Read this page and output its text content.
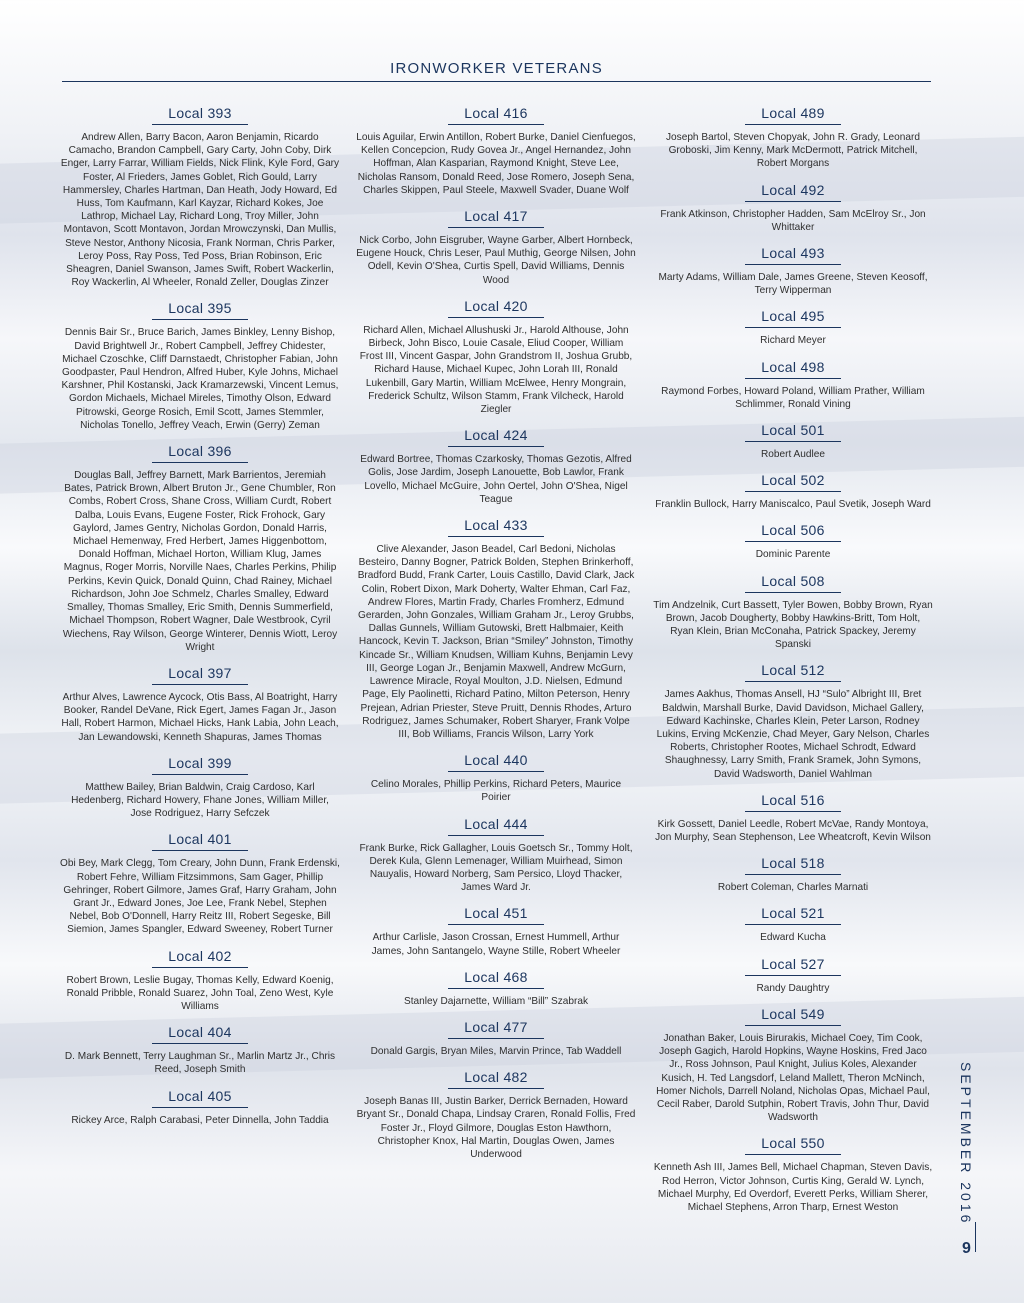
IRONWORKER VETERANS
Local 393
Andrew Allen, Barry Bacon, Aaron Benjamin, Ricardo Camacho, Brandon Campbell, Gary Carty, John Coby, Dirk Enger, Larry Farrar, William Fields, Nick Flink, Kyle Ford, Gary Foster, Al Frieders, James Goblet, Rich Gould, Larry Hammersley, Charles Hartman, Dan Heath, Jody Howard, Ed Huss, Tom Kaufmann, Karl Kayzar, Richard Kokes, Joe Lathrop, Michael Lay, Richard Long, Troy Miller, John Montavon, Scott Montavon, Jordan Mrowczynski, Dan Mullis, Steve Nestor, Anthony Nicosia, Frank Norman, Chris Parker, Leroy Poss, Ray Poss, Ted Poss, Brian Robinson, Eric Sheagren, Daniel Swanson, James Swift, Robert Wackerlin, Roy Wackerlin, Al Wheeler, Ronald Zeller, Douglas Zinzer
Local 395
Dennis Bair Sr., Bruce Barich, James Binkley, Lenny Bishop, David Brightwell Jr., Robert Campbell, Jeffrey Chidester, Michael Czoschke, Cliff Darnstaedt, Christopher Fabian, John Goodpaster, Paul Hendron, Alfred Huber, Kyle Johns, Michael Karshner, Phil Kostanski, Jack Kramarzewski, Vincent Lemus, Gordon Michaels, Michael Mireles, Timothy Olson, Edward Pitrowski, George Rosich, Emil Scott, James Stemmler, Nicholas Tonello, Jeffrey Veach, Erwin (Gerry) Zeman
Local 396
Douglas Ball, Jeffrey Barnett, Mark Barrientos, Jeremiah Bates, Patrick Brown, Albert Bruton Jr., Gene Chumbler, Ron Combs, Robert Cross, Shane Cross, William Curdt, Robert Dalba, Louis Evans, Eugene Foster, Rick Frohock, Gary Gaylord, James Gentry, Nicholas Gordon, Donald Harris, Michael Hemenway, Fred Herbert, James Higgenbottom, Donald Hoffman, Michael Horton, William Klug, James Magnus, Roger Morris, Norville Naes, Charles Perkins, Philip Perkins, Kevin Quick, Donald Quinn, Chad Rainey, Michael Richardson, John Joe Schmelz, Charles Smalley, Edward Smalley, Thomas Smalley, Eric Smith, Dennis Summerfield, Michael Thompson, Robert Wagner, Dale Westbrook, Cyril Wiechens, Ray Wilson, George Winterer, Dennis Wiott, Leroy Wright
Local 397
Arthur Alves, Lawrence Aycock, Otis Bass, Al Boatright, Harry Booker, Randel DeVane, Rick Egert, James Fagan Jr., Jason Hall, Robert Harmon, Michael Hicks, Hank Labia, John Leach, Jan Lewandowski, Kenneth Shapuras, James Thomas
Local 399
Matthew Bailey, Brian Baldwin, Craig Cardoso, Karl Hedenberg, Richard Howery, Fhane Jones, William Miller, Jose Rodriguez, Harry Sefczek
Local 401
Obi Bey, Mark Clegg, Tom Creary, John Dunn, Frank Erdenski, Robert Fehre, William Fitzsimmons, Sam Gager, Phillip Gehringer, Robert Gilmore, James Graf, Harry Graham, John Grant Jr., Edward Jones, Joe Lee, Frank Nebel, Stephen Nebel, Bob O'Donnell, Harry Reitz III, Robert Segeske, Bill Siemion, James Spangler, Edward Sweeney, Robert Turner
Local 402
Robert Brown, Leslie Bugay, Thomas Kelly, Edward Koenig, Ronald Pribble, Ronald Suarez, John Toal, Zeno West, Kyle Williams
Local 404
D. Mark Bennett, Terry Laughman Sr., Marlin Martz Jr., Chris Reed, Joseph Smith
Local 405
Rickey Arce, Ralph Carabasi, Peter Dinnella, John Taddia
Local 416
Louis Aguilar, Erwin Antillon, Robert Burke, Daniel Cienfuegos, Kellen Concepcion, Rudy Govea Jr., Angel Hernandez, John Hoffman, Alan Kasparian, Raymond Knight, Steve Lee, Nicholas Ransom, Donald Reed, Jose Romero, Joseph Sena, Charles Skippen, Paul Steele, Maxwell Svader, Duane Wolf
Local 417
Nick Corbo, John Eisgruber, Wayne Garber, Albert Hornbeck, Eugene Houck, Chris Leser, Paul Muthig, George Nilsen, John Odell, Kevin O'Shea, Curtis Spell, David Williams, Dennis Wood
Local 420
Richard Allen, Michael Allushuski Jr., Harold Althouse, John Birbeck, John Bisco, Louie Casale, Eliud Cooper, William Frost III, Vincent Gaspar, John Grandstrom II, Joshua Grubb, Richard Hause, Michael Kupec, John Lorah III, Ronald Lukenbill, Gary Martin, William McElwee, Henry Mongrain, Frederick Schultz, Wilson Stamm, Frank Vilcheck, Harold Ziegler
Local 424
Edward Bortree, Thomas Czarkosky, Thomas Gezotis, Alfred Golis, Jose Jardim, Joseph Lanouette, Bob Lawlor, Frank Lovello, Michael McGuire, John Oertel, John O'Shea, Nigel Teague
Local 433
Clive Alexander, Jason Beadel, Carl Bedoni, Nicholas Besteiro, Danny Bogner, Patrick Bolden, Stephen Brinkerhoff, Bradford Budd, Frank Carter, Louis Castillo, David Clark, Jack Colin, Robert Dixon, Mark Doherty, Walter Ehman, Carl Faz, Andrew Flores, Martin Frady, Charles Fromherz, Edmund Gerarden, John Gonzales, William Graham Jr., Leroy Grubbs, Dallas Gunnels, William Gutowski, Brett Halbmaier, Keith Hancock, Kevin T. Jackson, Brian “Smiley” Johnston, Timothy Kincade Sr., William Knudsen, William Kuhns, Benjamin Levy III, George Logan Jr., Benjamin Maxwell, Andrew McGurn, Lawrence Miracle, Royal Moulton, J.D. Nielsen, Edmund Page, Ely Paolinetti, Richard Patino, Milton Peterson, Henry Prejean, Adrian Priester, Steve Pruitt, Dennis Rhodes, Arturo Rodriguez, James Schumaker, Robert Sharyer, Frank Volpe III, Bob Williams, Francis Wilson, Larry York
Local 440
Celino Morales, Phillip Perkins, Richard Peters, Maurice Poirier
Local 444
Frank Burke, Rick Gallagher, Louis Goetsch Sr., Tommy Holt, Derek Kula, Glenn Lemenager, William Muirhead, Simon Nauyalis, Howard Norberg, Sam Persico, Lloyd Thacker, James Ward Jr.
Local 451
Arthur Carlisle, Jason Crossan, Ernest Hummell, Arthur James, John Santangelo, Wayne Stille, Robert Wheeler
Local 468
Stanley Dajarnette, William “Bill” Szabrak
Local 477
Donald Gargis, Bryan Miles, Marvin Prince, Tab Waddell
Local 482
Joseph Banas III, Justin Barker, Derrick Bernaden, Howard Bryant Sr., Donald Chapa, Lindsay Craren, Ronald Follis, Fred Foster Jr., Floyd Gilmore, Douglas Eston Hawthorn, Christopher Knox, Hal Martin, Douglas Owen, James Underwood
Local 489
Joseph Bartol, Steven Chopyak, John R. Grady, Leonard Groboski, Jim Kenny, Mark McDermott, Patrick Mitchell, Robert Morgans
Local 492
Frank Atkinson, Christopher Hadden, Sam McElroy Sr., Jon Whittaker
Local 493
Marty Adams, William Dale, James Greene, Steven Keosoff, Terry Wipperman
Local 495
Richard Meyer
Local 498
Raymond Forbes, Howard Poland, William Prather, William Schlimmer, Ronald Vining
Local 501
Robert Audlee
Local 502
Franklin Bullock, Harry Maniscalco, Paul Svetik, Joseph Ward
Local 506
Dominic Parente
Local 508
Tim Andzelnik, Curt Bassett, Tyler Bowen, Bobby Brown, Ryan Brown, Jacob Dougherty, Bobby Hawkins-Britt, Tom Holt, Ryan Klein, Brian McConaha, Patrick Spackey, Jeremy Spanski
Local 512
James Aakhus, Thomas Ansell, HJ “Sulo” Albright III, Bret Baldwin, Marshall Burke, David Davidson, Michael Gallery, Edward Kachinske, Charles Klein, Peter Larson, Rodney Lukins, Erving McKenzie, Chad Meyer, Gary Nelson, Charles Roberts, Christopher Rootes, Michael Schrodt, Edward Shaughnessy, Larry Smith, Frank Sramek, John Symons, David Wadsworth, Daniel Wahlman
Local 516
Kirk Gossett, Daniel Leedle, Robert McVae, Randy Montoya, Jon Murphy, Sean Stephenson, Lee Wheatcroft, Kevin Wilson
Local 518
Robert Coleman, Charles Marnati
Local 521
Edward Kucha
Local 527
Randy Daughtry
Local 549
Jonathan Baker, Louis Birurakis, Michael Coey, Tim Cook, Joseph Gagich, Harold Hopkins, Wayne Hoskins, Fred Jaco Jr., Ross Johnson, Paul Knight, Julius Koles, Alexander Kusich, H. Ted Langsdorf, Leland Mallett, Theron McNinch, Homer Nichols, Darrell Noland, Nicholas Opas, Michael Paul, Cecil Raber, Darold Sutphin, Robert Travis, John Thur, David Wadsworth
Local 550
Kenneth Ash III, James Bell, Michael Chapman, Steven Davis, Rod Herron, Victor Johnson, Curtis King, Gerald W. Lynch, Michael Murphy, Ed Overdorf, Everett Perks, William Sherer, Michael Stephens, Arron Tharp, Ernest Weston	SEPTEMBER 2016
9
